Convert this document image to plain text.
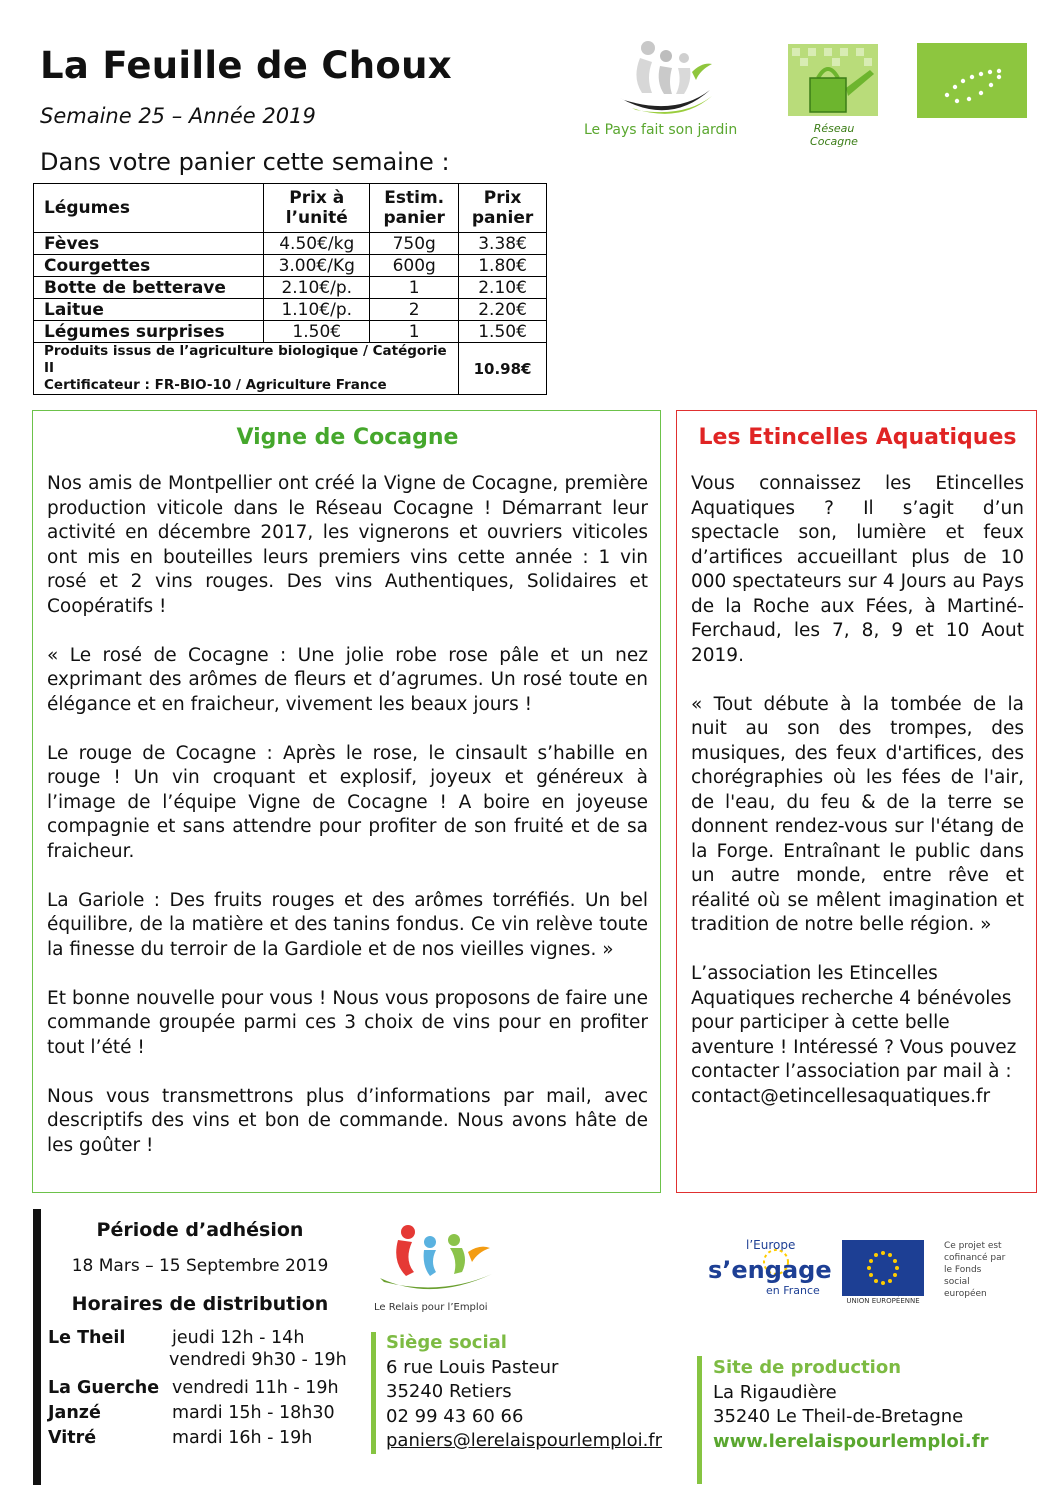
La Feuille de Choux
Semaine 25 – Année 2019
Dans votre panier cette semaine :
Le Pays fait son jardin	Réseau Cocagne
Légumes	Prix à l’unité	Estim. panier	Prix panier
Fèves	4.50€/kg	750g	3.38€
Courgettes	3.00€/Kg	600g	1.80€
Botte de betterave	2.10€/p.	1	2.10€
Laitue	1.10€/p.	2	2.20€
Légumes surprises	1.50€	1	1.50€

Produits issus de l’agriculture biologique / Catégorie II
Certificateur : FR-BIO-10 / Agriculture France			10.98€
Vigne de Cocagne

Nos amis de Montpellier ont créé la Vigne de Cocagne, première production viticole dans le Réseau Cocagne ! Démarrant leur activité en décembre 2017, les vignerons et ouvriers viticoles ont mis en bouteilles leurs premiers vins cette année : 1 vin rosé et 2 vins rouges. Des vins Authentiques, Solidaires et Coopératifs !

« Le rosé de Cocagne : Une jolie robe rose pâle et un nez exprimant des arômes de fleurs et d’agrumes. Un rosé toute en élégance et en fraicheur, vivement les beaux jours !

Le rouge de Cocagne : Après le rose, le cinsault s’habille en rouge ! Un vin croquant et explosif, joyeux et généreux à l’image de l’équipe Vigne de Cocagne ! A boire en joyeuse compagnie et sans attendre pour profiter de son fruité et de sa fraicheur.

La Gariole : Des fruits rouges et des arômes torréfiés. Un bel équilibre, de la matière et des tanins fondus. Ce vin relève toute la finesse du terroir de la Gardiole et de nos vieilles vignes. »

Et bonne nouvelle pour vous ! Nous vous proposons de faire une commande groupée parmi ces 3 choix de vins pour en profiter tout l’été !

Nous vous transmettrons plus d’informations par mail, avec descriptifs des vins et bon de commande. Nous avons hâte de les goûter !

Les Etincelles Aquatiques

Vous connaissez les Etincelles Aquatiques ? Il s’agit d’un spectacle son, lumière et feux d’artifices accueillant plus de 10 000 spectateurs sur 4 Jours au Pays de la Roche aux Fées, à Martiné-Ferchaud, les 7, 8, 9 et 10 Aout 2019.

« Tout débute à la tombée de la nuit au son des trompes, des musiques, des feux d'artifices, des chorégraphies où les fées de l'air, de l'eau, du feu & de la terre se donnent rendez-vous sur l'étang de la Forge. Entraînant le public dans un autre monde, entre rêve et réalité où se mêlent imagination et tradition de notre belle région. »

L’association les Etincelles Aquatiques recherche 4 bénévoles pour participer à cette belle aventure ! Intéressé ? Vous pouvez contacter l’association par mail à : contact@etincellesaquatiques.fr

Période d’adhésion
18 Mars – 15 Septembre 2019
Horaires de distribution
Le Theil	jeudi 12h - 14h
	vendredi 9h30 - 19h
La Guerche	vendredi 11h - 19h
Janzé	mardi 15h - 18h30
Vitré	mardi 16h - 19h
Le Relais pour l’Emploi
Siège social
6 rue Louis Pasteur
35240 Retiers
02 99 43 60 66
paniers@lerelaispourlemploi.fr
Site de production
La Rigaudière
35240 Le Theil-de-Bretagne
www.lerelaispourlemploi.fr
l’Europe
s’engage
en France
UNION EUROPÉENNE
Ce projet est cofinancé par le Fonds social européen
